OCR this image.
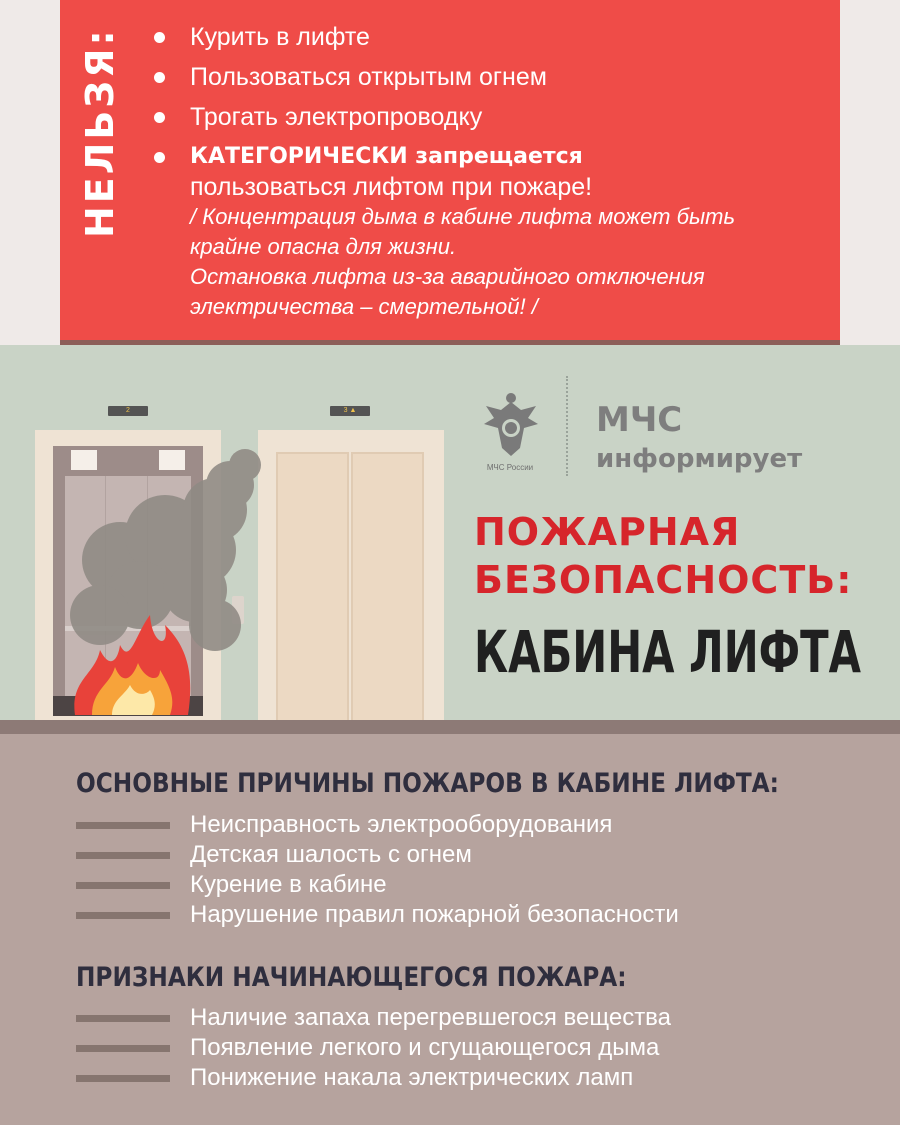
НЕЛЬЗЯ:	Курить в лифте
Пользоваться открытым огнем
Трогать электропроводку
КАТЕГОРИЧЕСКИ запрещается
пользоваться лифтом при пожаре!
/ Концентрация дыма в кабине лифта может быть
крайне опасна для жизни.
Остановка лифта из-за аварийного отключения
электричества – смертельной! /
2	3 ▲
МЧС России
МЧС
информирует
ПОЖАРНАЯ
БЕЗОПАСНОСТЬ:
КАБИНА ЛИФТА
ОСНОВНЫЕ ПРИЧИНЫ ПОЖАРОВ В КАБИНЕ ЛИФТА:
Неисправность электрооборудования
Детская шалость с огнем
Курение в кабине
Нарушение правил пожарной безопасности
ПРИЗНАКИ НАЧИНАЮЩЕГОСЯ ПОЖАРА:
Наличие запаха перегревшегося вещества
Появление легкого и сгущающегося дыма
Понижение накала электрических ламп
